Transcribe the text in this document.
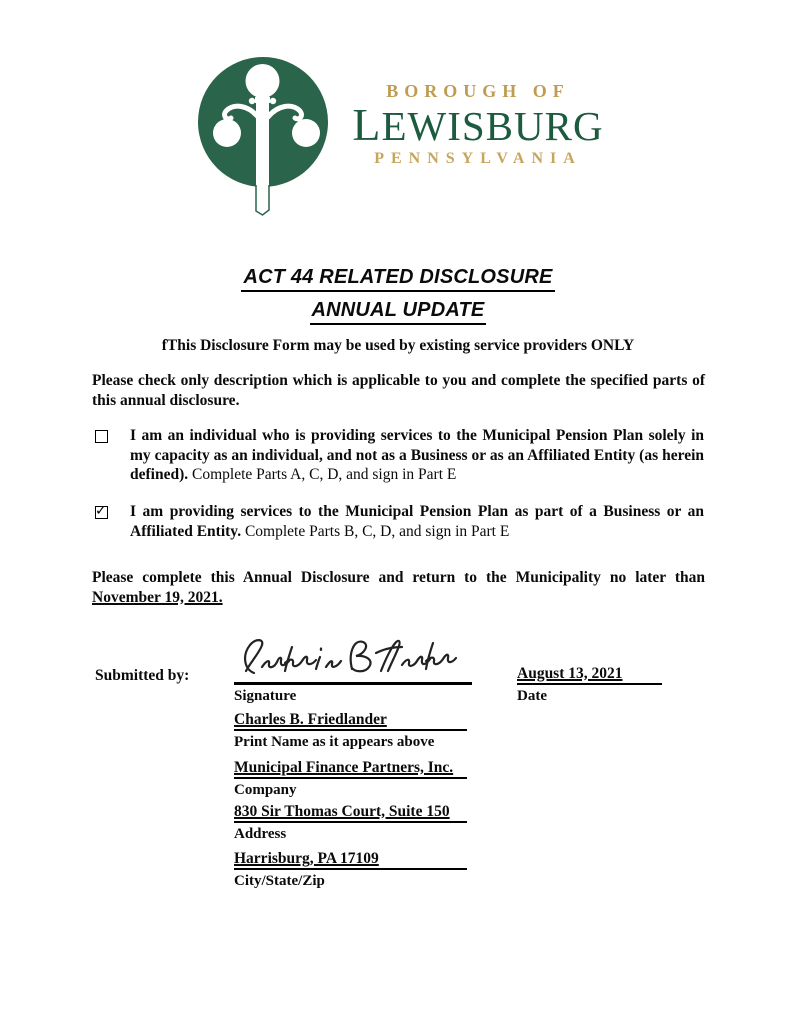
BOROUGH OF
LEWISBURG
PENNSYLVANIA
ACT 44 RELATED DISCLOSURE
ANNUAL UPDATE
fThis Disclosure Form may be used by existing service providers ONLY
Please check only description which is applicable to you and complete the specified parts of this annual disclosure.
I am an individual who is providing services to the Municipal Pension Plan solely in my capacity as an individual, and not as a Business or as an Affiliated Entity (as herein defined). Complete Parts A, C, D, and sign in Part E
✓
I am providing services to the Municipal Pension Plan as part of a Business or an Affiliated Entity. Complete Parts B, C, D, and sign in Part E
Please complete this Annual Disclosure and return to the Municipality no later than November 19, 2021.
Submitted by:
Signature
August 13, 2021
Date
Charles B. Friedlander
Print Name as it appears above
Municipal Finance Partners, Inc.
Company
830 Sir Thomas Court, Suite 150
Address
Harrisburg, PA 17109
City/State/Zip
